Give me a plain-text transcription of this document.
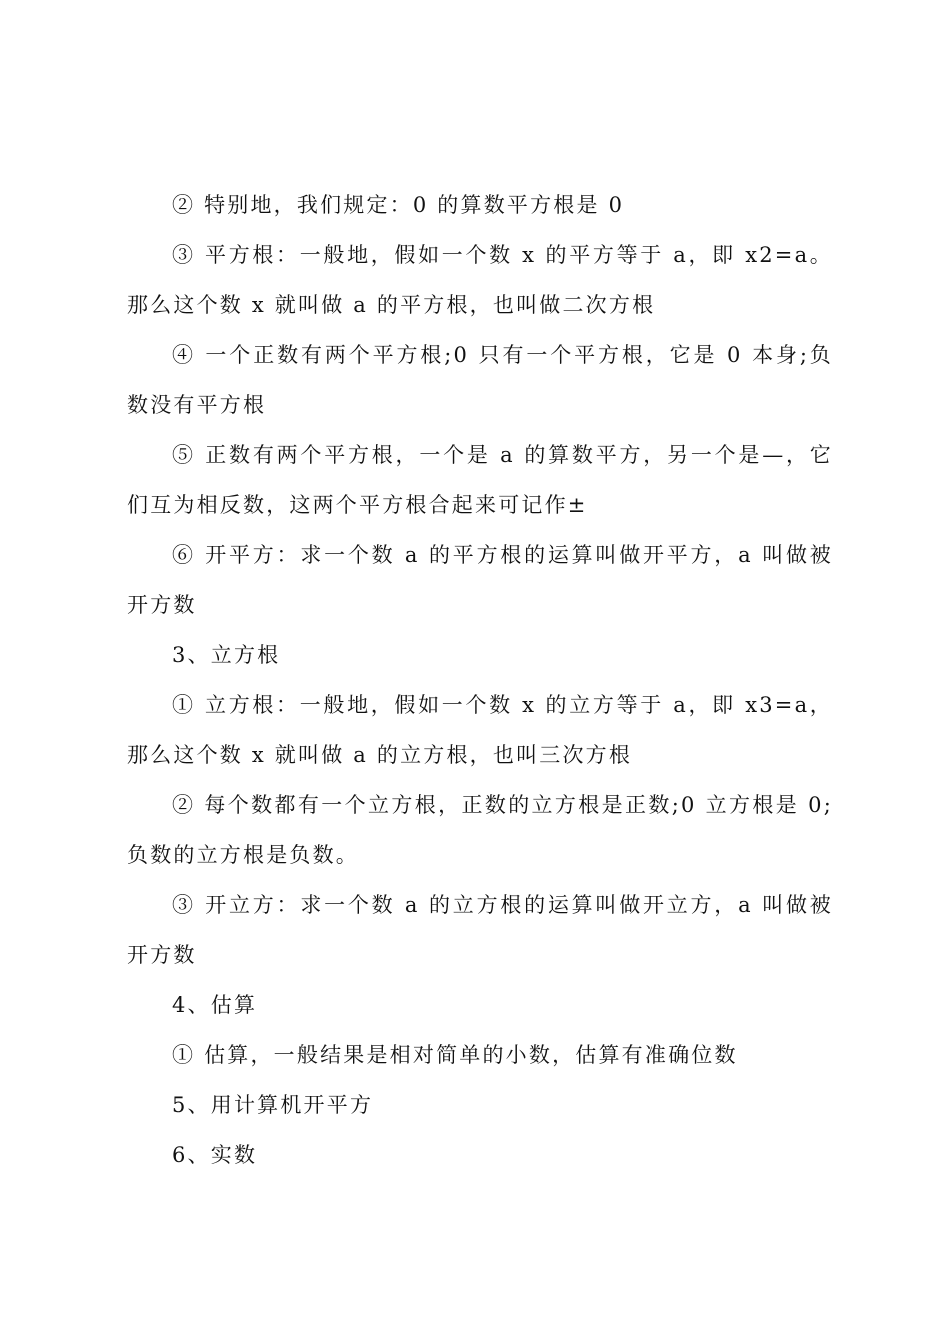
② 特别地，我们规定：0 的算数平方根是 0

③ 平方根：一般地，假如一个数 x 的平方等于 a，即 x2=a。那么这个数 x 就叫做 a 的平方根，也叫做二次方根

④ 一个正数有两个平方根;0 只有一个平方根，它是 0 本身;负数没有平方根

⑤ 正数有两个平方根，一个是 a 的算数平方，另一个是—，它们互为相反数，这两个平方根合起来可记作±

⑥ 开平方：求一个数 a 的平方根的运算叫做开平方，a 叫做被开方数

3、立方根

① 立方根：一般地，假如一个数 x 的立方等于 a，即 x3=a，那么这个数 x 就叫做 a 的立方根，也叫三次方根

② 每个数都有一个立方根，正数的立方根是正数;0 立方根是 0;负数的立方根是负数。

③ 开立方：求一个数 a 的立方根的运算叫做开立方，a 叫做被开方数

4、估算

① 估算，一般结果是相对简单的小数，估算有准确位数

5、用计算机开平方

6、实数
